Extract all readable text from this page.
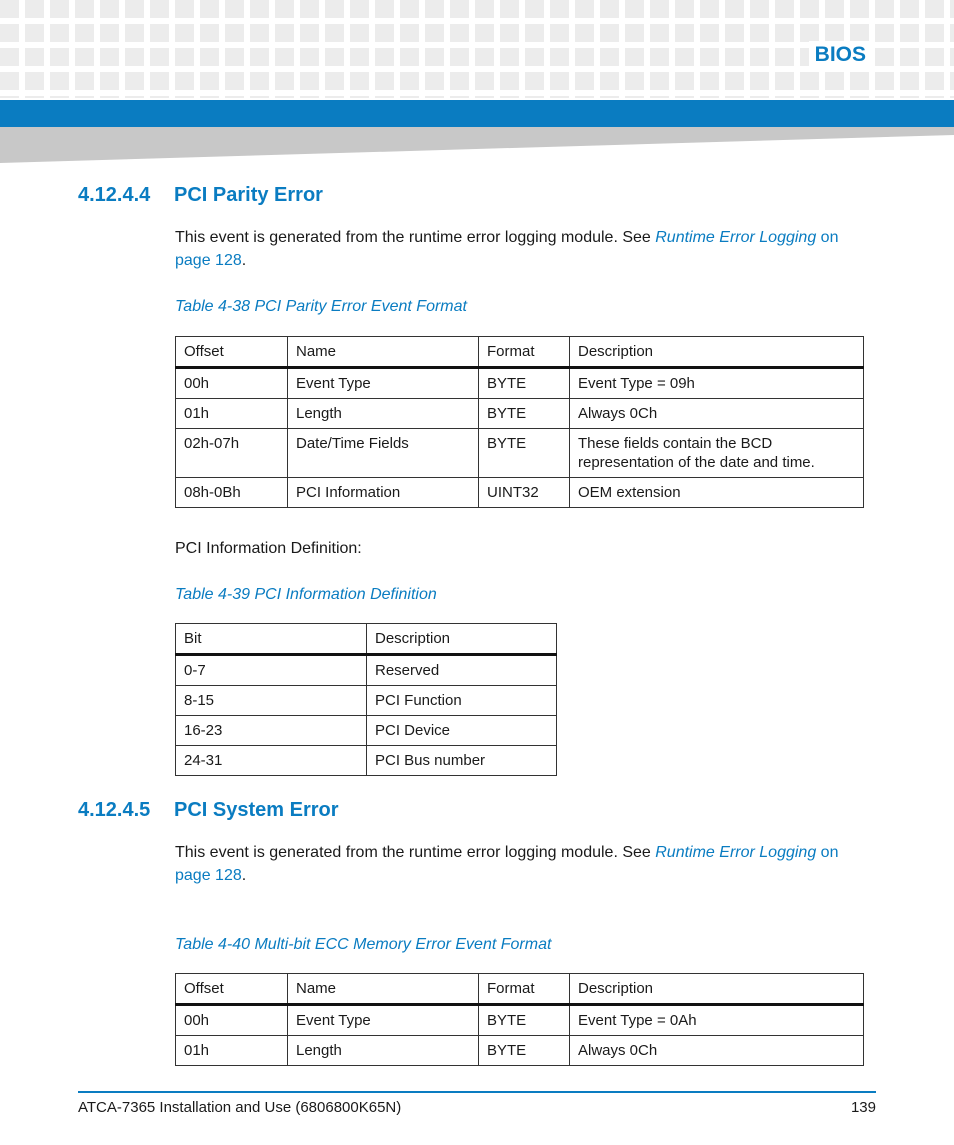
BIOS
4.12.4.4 PCI Parity Error

This event is generated from the runtime error logging module. See Runtime Error Logging on page 128.

Table 4-38 PCI Parity Error Event Format

Offset	Name	Format	Description
00h	Event Type	BYTE	Event Type = 09h
01h	Length	BYTE	Always 0Ch
02h-07h	Date/Time Fields	BYTE	These fields contain the BCD representation of the date and time.
08h-0Bh	PCI Information	UINT32	OEM extension

PCI Information Definition:

Table 4-39 PCI Information Definition

Bit	Description
0-7	Reserved
8-15	PCI Function
16-23	PCI Device
24-31	PCI Bus number
4.12.4.5 PCI System Error

This event is generated from the runtime error logging module. See Runtime Error Logging on page 128.

Table 4-40 Multi-bit ECC Memory Error Event Format

Offset	Name	Format	Description
00h	Event Type	BYTE	Event Type = 0Ah
01h	Length	BYTE	Always 0Ch
ATCA-7365 Installation and Use (6806800K65N)	139
